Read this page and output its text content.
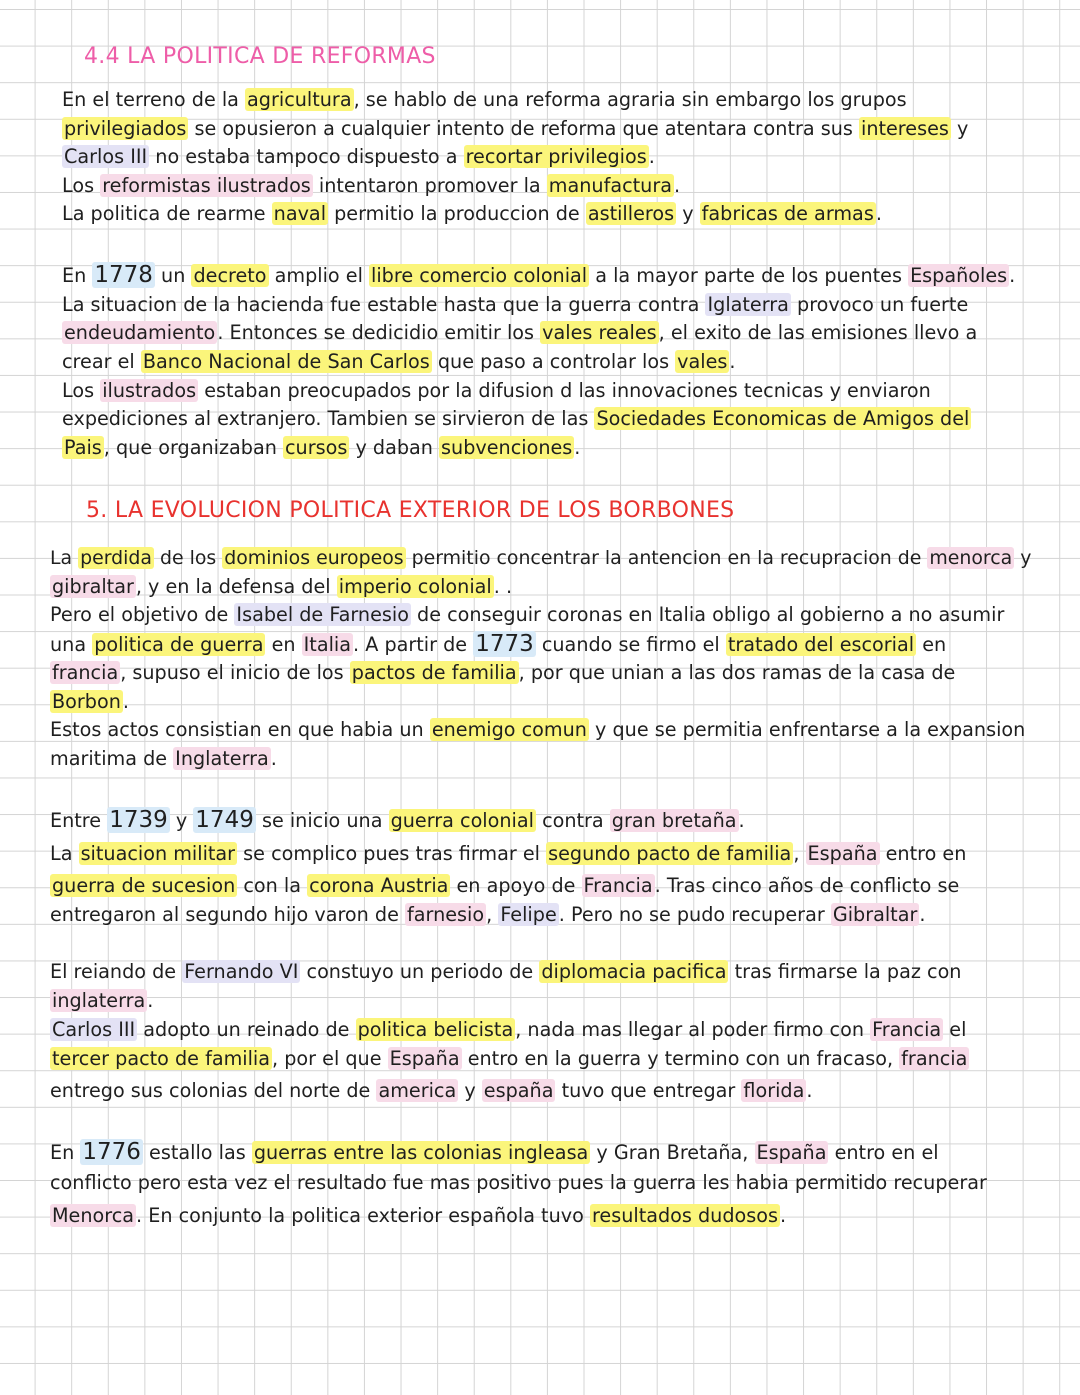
4.4 LA POLITICA DE REFORMAS

En el terreno de la agricultura , se hablo de una reforma agraria sin embargo los grupos

privilegiados se opusieron a cualquier intento de reforma que atentara contra sus intereses y

Carlos III no estaba tampoco dispuesto a recortar privilegios .

Los reformistas ilustrados intentaron promover la manufactura .

La politica de rearme naval permitio la produccion de astilleros y fabricas de armas .

En 1778 un decreto amplio el libre comercio colonial a la mayor parte de los puentes Españoles .

La situacion de la hacienda fue estable hasta que la guerra contra Iglaterra provoco un fuerte

endeudamiento . Entonces se dedicidio emitir los vales reales , el exito de las emisiones llevo a

crear el Banco Nacional de San Carlos que paso a controlar los vales .

Los ilustrados estaban preocupados por la difusion d las innovaciones tecnicas y enviaron

expediciones al extranjero. Tambien se sirvieron de las Sociedades Economicas de Amigos del

Pais , que organizaban cursos y daban subvenciones .

5. LA EVOLUCION POLITICA EXTERIOR DE LOS BORBONES

La perdida de los dominios europeos permitio concentrar la antencion en la recupracion de menorca y

gibraltar , y en la defensa del imperio colonial . .

Pero el objetivo de Isabel de Farnesio de conseguir coronas en Italia obligo al gobierno a no asumir

una politica de guerra en Italia . A partir de 1773 cuando se firmo el tratado del escorial en

francia , supuso el inicio de los pactos de familia , por que unian a las dos ramas de la casa de

Borbon .

Estos actos consistian en que habia un enemigo comun y que se permitia enfrentarse a la expansion

maritima de Inglaterra .

Entre 1739 y 1749 se inicio una guerra colonial contra gran bretaña .

La situacion militar se complico pues tras firmar el segundo pacto de familia , España entro en

guerra de sucesion con la corona Austria en apoyo de Francia . Tras cinco años de conflicto se

entregaron al segundo hijo varon de farnesio , Felipe . Pero no se pudo recuperar Gibraltar .

El reiando de Fernando VI constuyo un periodo de diplomacia pacifica tras firmarse la paz con

inglaterra .

Carlos III adopto un reinado de politica belicista , nada mas llegar al poder firmo con Francia el

tercer pacto de familia , por el que España entro en la guerra y termino con un fracaso, francia

entrego sus colonias del norte de america y españa tuvo que entregar florida .

En 1776 estallo las guerras entre las colonias ingleasa y Gran Bretaña, España entro en el

conflicto pero esta vez el resultado fue mas positivo pues la guerra les habia permitido recuperar

Menorca . En conjunto la politica exterior española tuvo resultados dudosos .
